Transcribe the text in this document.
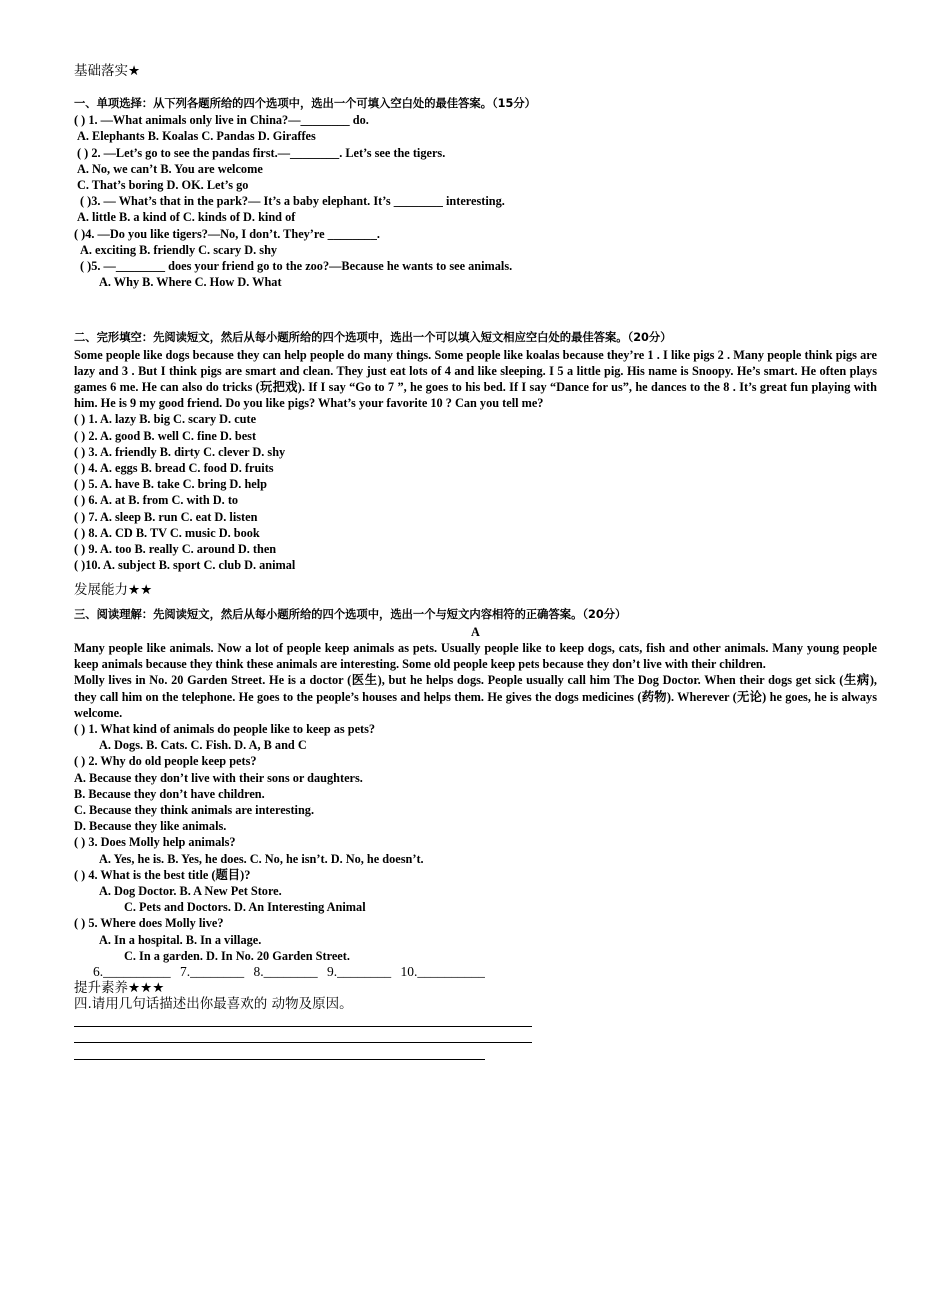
基础落实★
一、单项选择：从下列各题所给的四个选项中，选出一个可填入空白处的最佳答案。（15分）
( ) 1. —What animals only live in China?—________ do.
A. Elephants B. Koalas C. Pandas D. Giraffes
( ) 2. —Let’s go to see the pandas first.—________. Let’s see the tigers.
A. No, we can’t B. You are welcome
C. That’s boring D. OK. Let’s go
( )3. — What’s that in the park?— It’s a baby elephant. It’s ________ interesting.
A. little B. a kind of C. kinds of D. kind of
( )4. —Do you like tigers?—No, I don’t. They’re ________.
A. exciting B. friendly C. scary D. shy
( )5. —________ does your friend go to the zoo?—Because he wants to see animals.
A. Why B. Where C. How D. What
二、完形填空：先阅读短文，然后从每小题所给的四个选项中，选出一个可以填入短文相应空白处的最佳答案。（20分）
Some people like dogs because they can help people do many things. Some people like koalas because they’re 1 . I like pigs 2 . Many people think pigs are lazy and 3 . But I think pigs are smart and clean. They just eat lots of 4 and like sleeping. I 5 a little pig. His name is Snoopy. He’s smart. He often plays games 6 me. He can also do tricks (玩把戏). If I say “Go to 7 ”, he goes to his bed. If I say “Dance for us”, he dances to the 8 . It’s great fun playing with him. He is 9 my good friend. Do you like pigs? What’s your favorite 10 ? Can you tell me?
( ) 1. A. lazy B. big C. scary D. cute
( ) 2. A. good B. well C. fine D. best
( ) 3. A. friendly B. dirty C. clever D. shy
( ) 4. A. eggs B. bread C. food D. fruits
( ) 5. A. have B. take C. bring D. help
( ) 6. A. at B. from C. with D. to
( ) 7. A. sleep B. run C. eat D. listen
( ) 8. A. CD B. TV C. music D. book
( ) 9. A. too B. really C. around D. then
( )10. A. subject B. sport C. club D. animal
发展能力★★
三、阅读理解：先阅读短文，然后从每小题所给的四个选项中，选出一个与短文内容相符的正确答案。（20分）
A
Many people like animals. Now a lot of people keep animals as pets. Usually people like to keep dogs, cats, fish and other animals. Many young people keep animals because they think these animals are interesting. Some old people keep pets because they don’t live with their children.
Molly lives in No. 20 Garden Street. He is a doctor (医生), but he helps dogs. People usually call him The Dog Doctor. When their dogs get sick (生病), they call him on the telephone. He goes to the people’s houses and helps them. He gives the dogs medicines (药物). Wherever (无论) he goes, he is always welcome.
( ) 1. What kind of animals do people like to keep as pets?
A. Dogs. B. Cats. C. Fish. D. A, B and C
( ) 2. Why do old people keep pets?
A. Because they don’t live with their sons or daughters.
B. Because they don’t have children.
C. Because they think animals are interesting.
D. Because they like animals.
( ) 3. Does Molly help animals?
A. Yes, he is. B. Yes, he does. C. No, he isn’t. D. No, he doesn’t.
( ) 4. What is the best title (题目)?
A. Dog Doctor. B. A New Pet Store.
C. Pets and Doctors. D. An Interesting Animal
( ) 5. Where does Molly live?
A. In a hospital. B. In a village.
C. In a garden. D. In No. 20 Garden Street.
6.__________ 7.________ 8.________ 9.________ 10.__________
提升素养★★★
四.请用几句话描述出你最喜欢的 动物及原因。
